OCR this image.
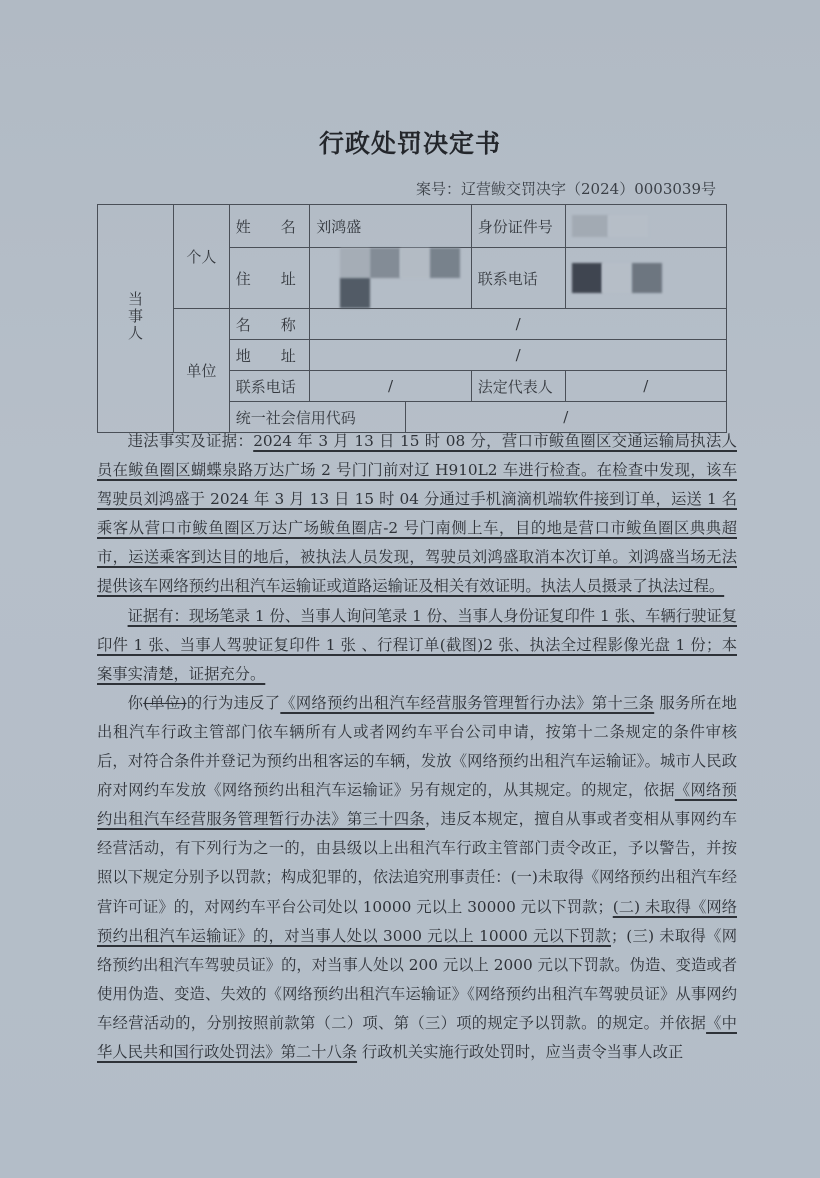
行政处罚决定书
案号：辽营鲅交罚决字（2024）0003039号
当事人	个人	姓　　名	刘鸿盛		身份证件号	
		住　　址			联系电话	
	单位	名　　称	/			
		地　　址	/			
		联系电话	/		法定代表人	/
		统一社会信用代码		/		

违法事实及证据：2024 年 3 月 13 日 15 时 08 分，营口市鲅鱼圈区交通运输局执法人员在鲅鱼圈区蝴蝶泉路万达广场 2 号门门前对辽 H910L2 车进行检查。在检查中发现，该车驾驶员刘鸿盛于 2024 年 3 月 13 日 15 时 04 分通过手机滴滴机端软件接到订单，运送 1 名乘客从营口市鲅鱼圈区万达广场鲅鱼圈店-2 号门南侧上车，目的地是营口市鲅鱼圈区典典超市，运送乘客到达目的地后，被执法人员发现，驾驶员刘鸿盛取消本次订单。刘鸿盛当场无法提供该车网络预约出租汽车运输证或道路运输证及相关有效证明。执法人员摄录了执法过程。

证据有：现场笔录 1 份、当事人询问笔录 1 份、当事人身份证复印件 1 张、车辆行驶证复印件 1 张、当事人驾驶证复印件 1 张 、行程订单(截图)2 张、执法全过程影像光盘 1 份；本案事实清楚，证据充分。

你(单位)的行为违反了《网络预约出租汽车经营服务管理暂行办法》第十三条 服务所在地出租汽车行政主管部门依车辆所有人或者网约车平台公司申请，按第十二条规定的条件审核后，对符合条件并登记为预约出租客运的车辆，发放《网络预约出租汽车运输证》。城市人民政府对网约车发放《网络预约出租汽车运输证》另有规定的，从其规定。的规定，依据《网络预约出租汽车经营服务管理暂行办法》第三十四条，违反本规定，擅自从事或者变相从事网约车经营活动，有下列行为之一的，由县级以上出租汽车行政主管部门责令改正，予以警告，并按照以下规定分别予以罚款；构成犯罪的，依法追究刑事责任：(一)未取得《网络预约出租汽车经营许可证》的，对网约车平台公司处以 10000 元以上 30000 元以下罚款；(二) 未取得《网络预约出租汽车运输证》的，对当事人处以 3000 元以上 10000 元以下罚款；(三) 未取得《网络预约出租汽车驾驶员证》的，对当事人处以 200 元以上 2000 元以下罚款。伪造、变造或者使用伪造、变造、失效的《网络预约出租汽车运输证》《网络预约出租汽车驾驶员证》从事网约车经营活动的，分别按照前款第（二）项、第（三）项的规定予以罚款。的规定。并依据《中华人民共和国行政处罚法》第二十八条 行政机关实施行政处罚时，应当责令当事人改正
